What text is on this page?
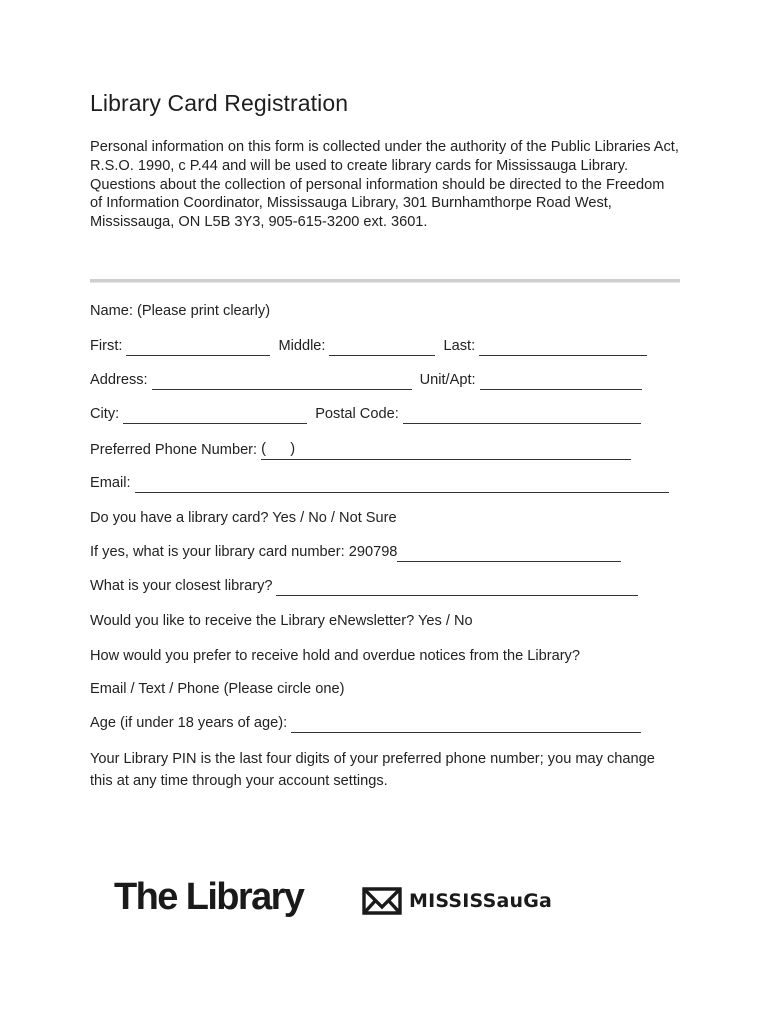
Library Card Registration
Personal information on this form is collected under the authority of the Public Libraries Act, R.S.O. 1990, c P.44 and will be used to create library cards for Mississauga Library. Questions about the collection of personal information should be directed to the Freedom of Information Coordinator, Mississauga Library, 301 Burnhamthorpe Road West, Mississauga, ON L5B 3Y3, 905-615-3200 ext. 3601.
Name: (Please print clearly)
First:	Middle:	Last:
Address:	Unit/Apt:
City:	Postal Code:
Preferred Phone Number: (      )
Email:
Do you have a library card? Yes / No / Not Sure
If yes, what is your library card number: 290798
What is your closest library?
Would you like to receive the Library eNewsletter? Yes / No
How would you prefer to receive hold and overdue notices from the Library?
Email / Text / Phone (Please circle one)
Age (if under 18 years of age):
Your Library PIN is the last four digits of your preferred phone number; you may change this at any time through your account settings.
The Library	MISSISSauGa
